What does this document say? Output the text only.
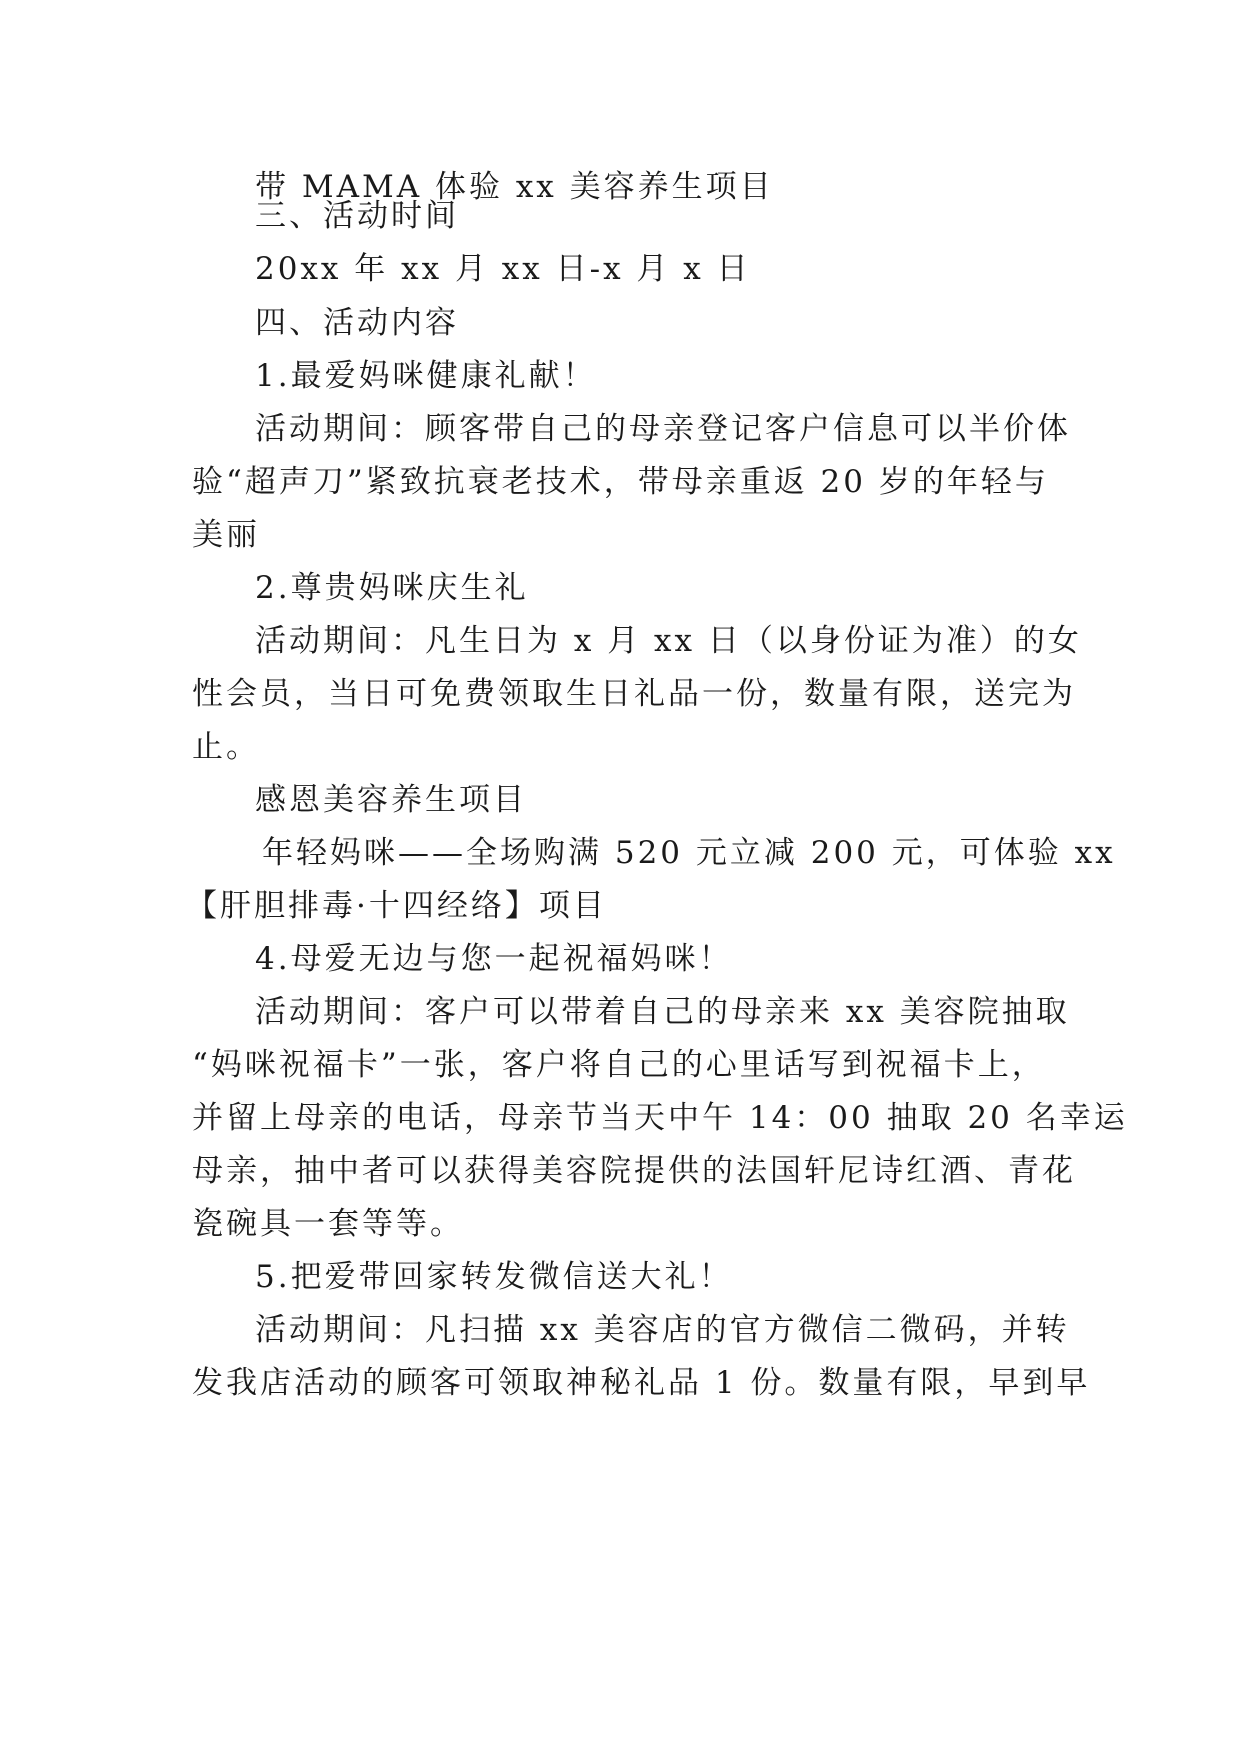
带 MAMA 体验 xx 美容养生项目
三、活动时间
20xx 年 xx 月 xx 日-x 月 x 日
四、活动内容
1.最爱妈咪健康礼献！
活动期间：顾客带自己的母亲登记客户信息可以半价体
验“超声刀”紧致抗衰老技术，带母亲重返 20 岁的年轻与
美丽
2.尊贵妈咪庆生礼
活动期间：凡生日为 x 月 xx 日（以身份证为准）的女
性会员，当日可免费领取生日礼品一份，数量有限，送完为
止。
感恩美容养生项目
年轻妈咪——全场购满 520 元立减 200 元，可体验 xx
【肝胆排毒·十四经络】项目
4.母爱无边与您一起祝福妈咪！
活动期间：客户可以带着自己的母亲来 xx 美容院抽取
“妈咪祝福卡”一张，客户将自己的心里话写到祝福卡上，
并留上母亲的电话，母亲节当天中午 14：00 抽取 20 名幸运
母亲，抽中者可以获得美容院提供的法国轩尼诗红酒、青花
瓷碗具一套等等。
5.把爱带回家转发微信送大礼！
活动期间：凡扫描 xx 美容店的官方微信二微码，并转
发我店活动的顾客可领取神秘礼品 1 份。数量有限，早到早
